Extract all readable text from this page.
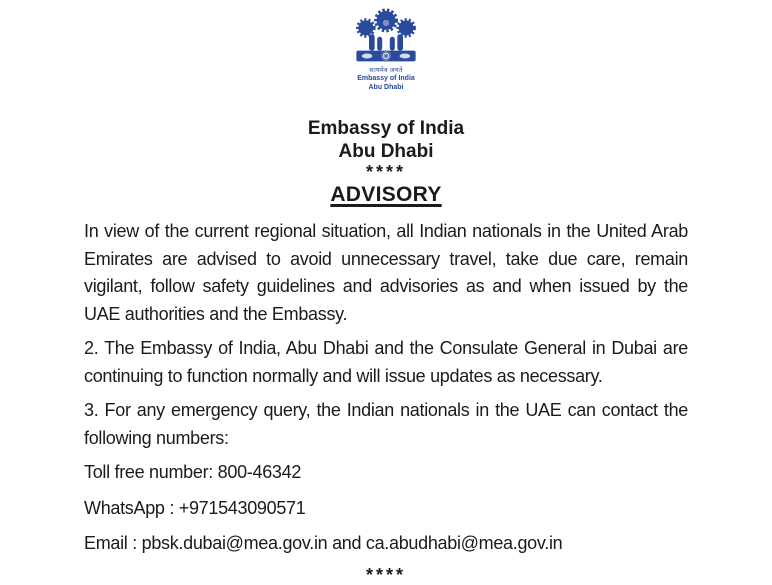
सत्यमेव जयते
Embassy of India
Abu Dhabi
Embassy of India
Abu Dhabi
****
ADVISORY

In view of the current regional situation, all Indian nationals in the United Arab Emirates are advised to avoid unnecessary travel, take due care, remain vigilant, follow safety guidelines and advisories as and when issued by the UAE authorities and the Embassy.

2. The Embassy of India, Abu Dhabi and the Consulate General in Dubai are continuing to function normally and will issue updates as necessary.

3. For any emergency query, the Indian nationals in the UAE can contact the following numbers:

Toll free number: 800-46342

WhatsApp : +971543090571

Email : pbsk.dubai@mea.gov.in and ca.abudhabi@mea.gov.in

****
